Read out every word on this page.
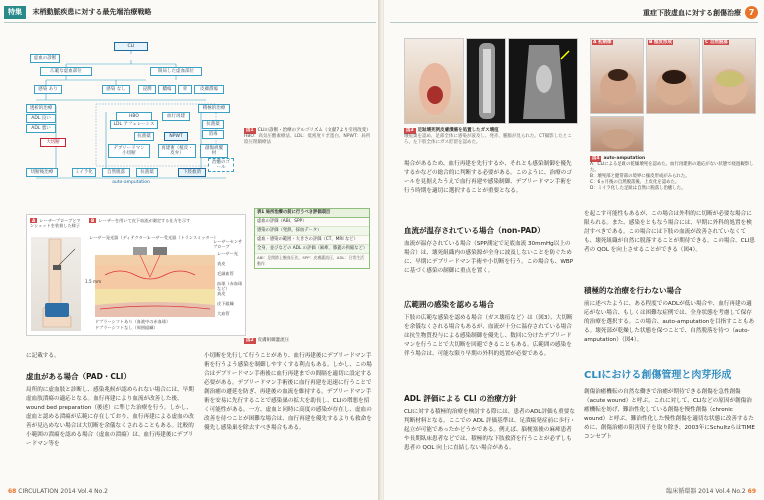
特集 末梢動脈疾患に対する最先端治療戦略
CLI
虚血の診断
広範な虚血部位	限局した虚血部位
感染 あり	感染 なし	浸潤	膿瘍	骨	皮膚潰瘍
透析的治療
ADL 良い
ADL 悪い
大切断
HBO
LDL アフェレーシス
血行再建
抗菌薬
デブリードマン 小切断
再建術（植皮・皮弁）
積極的治療
NPWT
抗菌薬
消毒
創傷被覆材
切断後治療	ミイラ化	自然脱落	抗菌薬	下肢救済
治癒のゴール
auto-amputation
図1 CLIの診断・治療のアルゴリズム（文献7より引用改変）
HBO：高気圧酸素療法、LDL：低密度リポ蛋白、NPWT：局所陰圧閉鎖療法
A レーザープローブとマンシェットを装着した様子
B レーザーを用いて皮下血流が測定する仕方を示す
レーザー発光器（ディテクター）
レーザー受光器（トランスミッター）
レーザーセンサプローブ
レーザー光
表皮
毛細血管
血球（赤血球など）
真皮
皮下組織
大血管
1.5 mm
ドプラーシフトあり（血液中の赤血球）
ドプラーシフトなし（周囲組織）
図2 皮膚組織灌流圧
表1 局所治療の前に行うべき評価項目
虚血の評価（ABI、SPP）
感染の評価（発熱、採血データ）
虚血・感染の範囲・大きさの評価（CT、MRI など）
全身、並びなどの ADL の評価（麻痺、膝蓋の拘縮など）
ABI：足関節上腕血圧比、SPP：皮膚灌流圧、ADL：日常生活動作
に記載する。
虚血がある場合（PAD・CLI）
局所的に虚血肢と診断し、感染兆候が認められない場合には、早期虚血肢潰瘍の適応となる。血行再建により血流が改善した後、wound bed preparation（後述）に準じた治療を行う。しかし、虚血と認める潰瘍が広範に存在しており、血行再建による虚血の改善が見込めない場合は大切断を余儀なくされることもある。比較的小範囲の潰瘍を認める場合（虚血の潰瘍）は、血行再建後にデブリードマン等を
小切断を先行して行うことがあり、血行再建後にデブリードマン手術を行うよう感染を制御しやすくする利点もある。しかし、この場合はデブリードマン手術後に血行再建までの間隔を適切に設定する必要がある。デブリードマン手術後に血行再建を迅速に行うことで創治癒の遷延を防ぎ、再建後の血流を維持する。デブリードマン手術を安易に先行することで感染巣の拡大を助長し、CLIの増悪を招く可能性がある。一方、虚血と同時に高度の感染が存在し、虚血の改善を待つことが困難な場合は、血行再建を優先するよりも救命を優先し感染巣を除去すべき場合もある。
68 CIRCULATION 2014 Vol.4 No.2
重症下肢虚血に対する創傷治療 7
図3 足趾壊死例皮膚潰瘍を処置したガス壊疽
壊疽巣を認め、足部全体に感染が波及し、発赤、腫脹が見られた。CT撮影したところ、左下肢全体にガス貯留を認めた。
A 初期像	B 痂皮形成	C 自然脱落
図4 auto-amputation
A：CLIによる足趾の乾燥壊死を認めた。血行再建術の適応がない状態で経過観察した。
B：壊死部と健常部の境界に痂皮形成がみられた。
C：6ヵ月後の自然脱落後、上皮化を認めた。
D：ミイラ化した足趾は自然に脱落し治癒した。
場合があるため、血行再建を先行するか、それとも感染制御を優先するかなどの総合的に判断する必要がある。このように、治療のゴールを見据えたうえで血行再建や感染制御、デブリードマン手術を行う時期を適切に選択することが重要となる。
血流が温存されている場合（non-PAD）
血流が温存されている場合（SPP測定で足底血流 30mmHg以上の場合）は、壊死組織内の感染源が全身に波及しないことを防ぐために、早期にデブリードマン手術や小切断を行う。この場合も、WBPに基づく感染の制御に重点を置く。
広範囲の感染を認める場合
下肢の広範な感染を認める場合（ガス壊疽など）は（図3）、大切断を余儀なくされる場合もあるが、血流が十分に温存されている場合は抗生物質投与による感染制御を優先し、数回に分けたデブリードマンを行うことで大切断を回避できることもある。広範囲の感染を伴う場合は、可能な限り早期の外科的処置が必要である。
ADL 評価による CLI の治療方針
CLIに対する積極的治療を検討する際には、患者のADL評価も重要な判断材料となる。ここでの ADL 評価基準は、足潰瘍発症前に歩行・起立が可能であったかどうかである。例えば、脳梗塞後の麻痺患者や長期臥床患者などでは、積極的な下肢救済を行うことが必ずしも患者の QOL 向上に直結しない場合がある。
を起こす可能性もあるが、この場合は外科的に切断が必要な場合に限られる。また、感染をともなう場合には、早期に外科的処置を検討すべきである。この場合には下肢の血流が改善されていなくても、壊死組織が自然に脱落することが期待できる。この場合、CLI患者の QOL を向上させることができる（図4）。
積極的な治療を行わない場合
前に述べたように、ある程度でのADLが低い場合や、血行再建の適応がない場合、もしくは困難な症例では、全身状態を考慮して保存的治療を選択する。この場合、auto-amputationを目指すこともある。壊死部が乾燥した状態を保つことで、自然脱落を待つ（auto-amputation）（図4）。
CLIにおける創傷管理と肉芽形成
創傷治癒機転の自然な働きで治癒が期待できる創傷を急性創傷（acute wound）と呼ぶ。これに対して、CLIなどの原因が創傷治癒機転を妨げ、難治性化している創傷を慢性創傷（chronic wound）と呼ぶ。難治性化した慢性創傷を適切な状態に改善するために、創傷治癒の阻害因子を取り除き、2003年にSchultzらはTIMEコンセプト
臨床循環器 2014 Vol.4 No.2 69
